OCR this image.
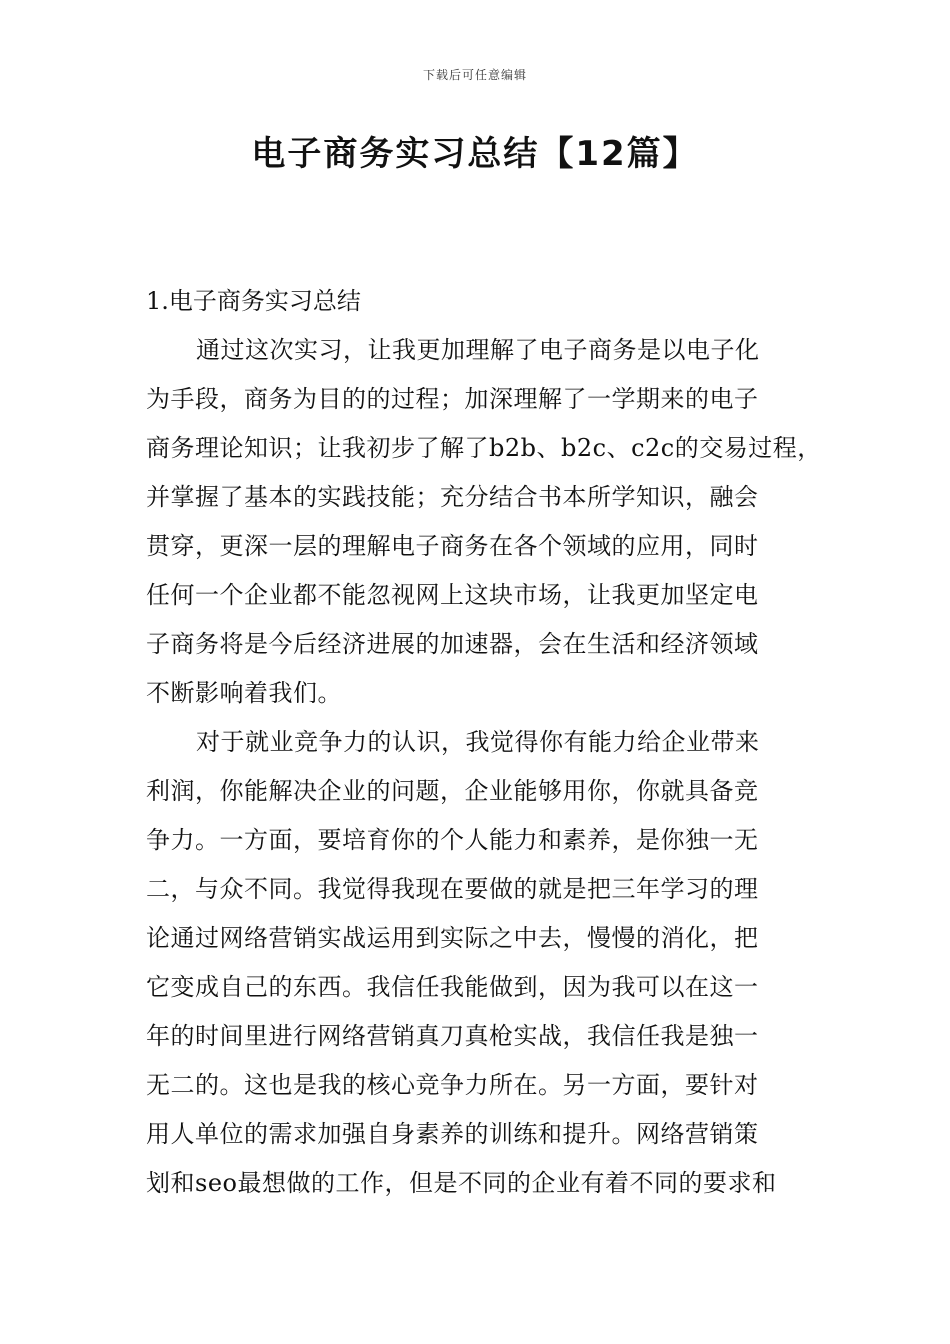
下载后可任意编辑
电子商务实习总结【12篇】
1.电子商务实习总结
通过这次实习，让我更加理解了电子商务是以电子化
为手段，商务为目的的过程；加深理解了一学期来的电子
商务理论知识；让我初步了解了b2b、b2c、c2c的交易过程，
并掌握了基本的实践技能；充分结合书本所学知识，融会
贯穿，更深一层的理解电子商务在各个领域的应用，同时
任何一个企业都不能忽视网上这块市场，让我更加坚定电
子商务将是今后经济进展的加速器，会在生活和经济领域
不断影响着我们。
对于就业竞争力的认识，我觉得你有能力给企业带来
利润，你能解决企业的问题，企业能够用你，你就具备竞
争力。一方面，要培育你的个人能力和素养，是你独一无
二，与众不同。我觉得我现在要做的就是把三年学习的理
论通过网络营销实战运用到实际之中去，慢慢的消化，把
它变成自己的东西。我信任我能做到，因为我可以在这一
年的时间里进行网络营销真刀真枪实战，我信任我是独一
无二的。这也是我的核心竞争力所在。另一方面，要针对
用人单位的需求加强自身素养的训练和提升。网络营销策
划和seo最想做的工作，但是不同的企业有着不同的要求和
